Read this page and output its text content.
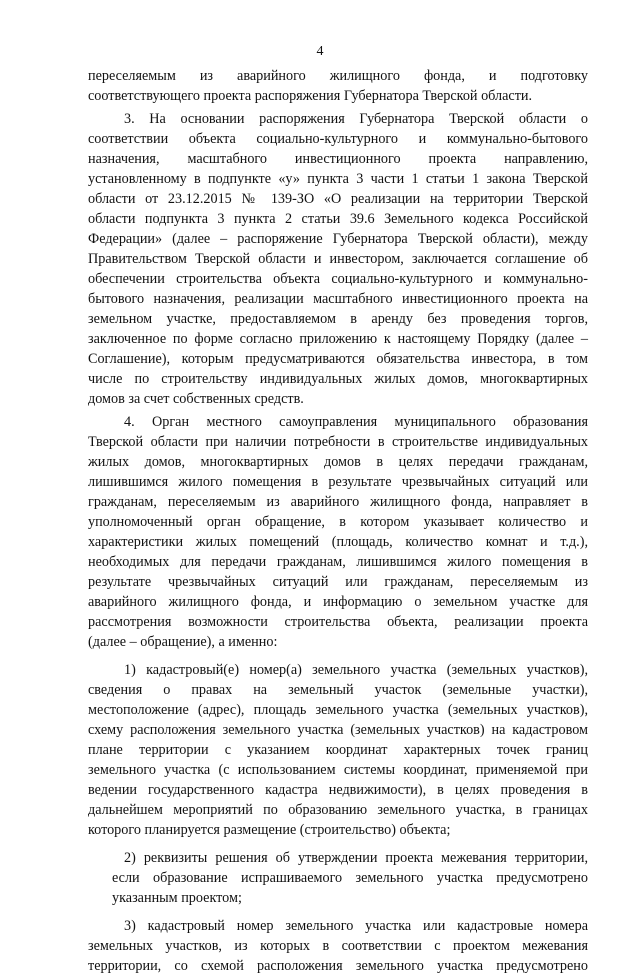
4
переселяемым из аварийного жилищного фонда, и подготовку
соответствующего проекта распоряжения Губернатора Тверской области.
3. На основании распоряжения Губернатора Тверской области о
соответствии объекта социально-культурного и коммунально-бытового
назначения, масштабного инвестиционного проекта направлению,
установленному в подпункте «у» пункта 3 части 1 статьи 1 закона Тверской
области от 23.12.2015 № 139-ЗО «О реализации на территории Тверской
области подпункта 3 пункта 2 статьи 39.6 Земельного кодекса Российской
Федерации» (далее – распоряжение Губернатора Тверской области), между
Правительством Тверской области и инвестором, заключается соглашение об
обеспечении строительства объекта социально-культурного и коммунально-
бытового назначения, реализации масштабного инвестиционного проекта на
земельном участке, предоставляемом в аренду без проведения торгов,
заключенное по форме согласно приложению к настоящему Порядку (далее –
Соглашение), которым предусматриваются обязательства инвестора, в том
числе по строительству индивидуальных жилых домов, многоквартирных
домов за счет собственных средств.
4. Орган местного самоуправления муниципального образования
Тверской области при наличии потребности в строительстве индивидуальных
жилых домов, многоквартирных домов в целях передачи гражданам,
лишившимся жилого помещения в результате чрезвычайных ситуаций или
гражданам, переселяемым из аварийного жилищного фонда, направляет в
уполномоченный орган обращение, в котором указывает количество и
характеристики жилых помещений (площадь, количество комнат и т.д.),
необходимых для передачи гражданам, лишившимся жилого помещения в
результате чрезвычайных ситуаций или гражданам, переселяемым из
аварийного жилищного фонда, и информацию о земельном участке для
рассмотрения возможности строительства объекта, реализации проекта
(далее – обращение), а именно:
1) кадастровый(е) номер(а) земельного участка (земельных участков),
сведения о правах на земельный участок (земельные участки),
местоположение (адрес), площадь земельного участка (земельных участков),
схему расположения земельного участка (земельных участков) на кадастровом
плане территории с указанием координат характерных точек границ
земельного участка (с использованием системы координат, применяемой при
ведении государственного кадастра недвижимости), в целях проведения в
дальнейшем мероприятий по образованию земельного участка, в границах
которого планируется размещение (строительство) объекта;
2) реквизиты решения об утверждении проекта межевания территории,
если образование испрашиваемого земельного участка предусмотрено
указанным проектом;
3) кадастровый номер земельного участка или кадастровые номера
земельных участков, из которых в соответствии с проектом межевания
территории, со схемой расположения земельного участка предусмотрено
